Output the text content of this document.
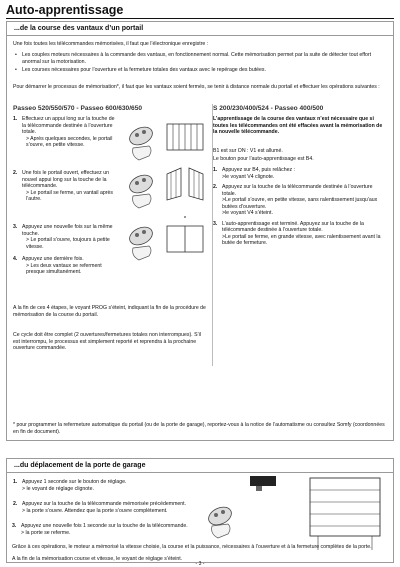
Auto-apprentissage
...de la course des vantaux d’un portail
Une fois toutes les télécommandes mémorisées, il faut que l’électronique enregistre :
• Les couples moteurs nécessaires à la commande des vantaux, en fonctionnement normal. Cette mémorisation permet par la suite de détecter tout effort anormal sur la motorisation.
• Les courses nécessaires pour l’ouverture et la fermeture totales des vantaux avec le repérage des butées.
Pour démarrer le processus de mémorisation*, il faut que les vantaux soient fermés, se tenir à distance normale du portail et effectuer les opérations suivantes :
Passeo 520/550/570 - Passeo 600/630/650
1. Effectuez un appui long sur la touche de la télécommande destinée à l’ouverture totale.
> Après quelques secondes, le portail s’ouvre, en petite vitesse.
2. Une fois le portail ouvert, effectuez un nouvel appui long sur la touche de la télécommande.
> Le portail se ferme, un vantail après l’autre.
3. Appuyez une nouvelle fois sur la même touche.
> Le portail s’ouvre, toujours à petite vitesse.
4. Appuyez une dernière fois.
> Les deux vantaux se referment presque simultanément.
A la fin de ces 4 étapes, le voyant PROG s’éteint, indiquant la fin de la procédure de mémorisation de la course du portail.
Ce cycle doit être complet (2 ouvertures/fermetures totales non interrompues). S’il est interrompu, le processus est simplement reporté et reprendra à la prochaine ouverture commandée.
S 200/230/400/524 - Passeo 400/500
L’apprentissage de la course des vantaux n’est nécessaire que si toutes les télécommandes ont été effacées avant la mémorisation de la nouvelle télécommande.
B1 est sur ON : V1 est allumé.
Le bouton pour l’auto-apprentissage est B4.
1. Appuyez sur B4, puis relâchez :
>le voyant V4 clignote.
2. Appuyez sur la touche de la télécommande destinée à l’ouverture totale.
>Le portail s’ouvre, en petite vitesse, sans ralentissement jusqu’aux butées d’ouverture.
>le voyant V4 s’éteint.
3. L’auto-apprentissage est terminé. Appuyez sur la touche de la télécommande destinée à l’ouverture totale.
>Le portail se ferme, en grande vitesse, avec ralentissement avant la butée de fermeture.
* pour programmer la refermeture automatique du portail (ou de la porte de garage), reportez-vous à la notice de l’automatisme ou consultez Somfy (coordonnées en fin de document).
...du déplacement de la porte de garage
1. Appuyez 1 seconde sur le bouton de réglage.
> le voyant de réglage clignote.
2. Appuyez sur la touche de la télécommande mémorisée précédemment.
> la porte s’ouvre. Attendez que la porte s’ouvre complètement.
3. Appuyez une nouvelle fois 1 seconde sur la touche de la télécommande.
> la porte se referme.
Grâce à ces opérations, le moteur a mémorisé la vitesse choisie, la course et la puissance, nécessaires à l’ouverture et à la fermeture complètes de la porte.
A la fin de la mémorisation course et vitesse, le voyant de réglage s’éteint.
- 3 -
